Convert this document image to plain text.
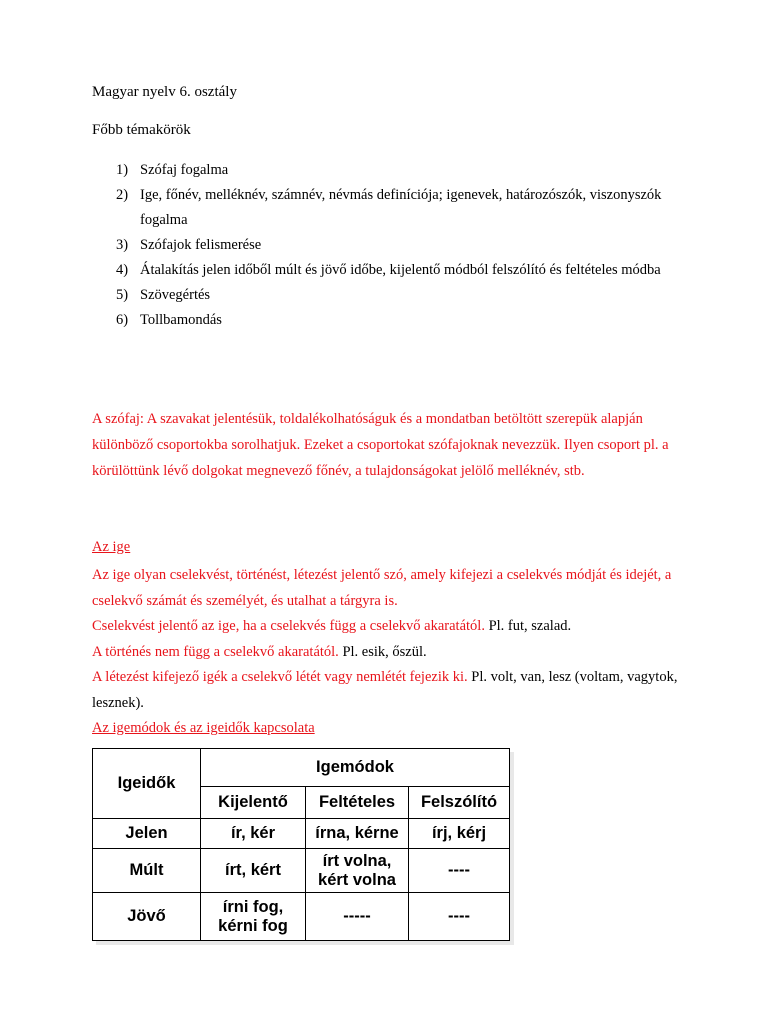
Magyar nyelv 6. osztály
Főbb témakörök
1) Szófaj fogalma
2) Ige, főnév, melléknév, számnév, névmás definíciója; igenevek, határozószók, viszonyszók fogalma
3) Szófajok felismerése
4) Átalakítás jelen időből múlt és jövő időbe, kijelentő módból felszólító és feltételes módba
5) Szövegértés
6) Tollbamondás

A szófaj: A szavakat jelentésük, toldalékolhatóságuk és a mondatban betöltött szerepük alapján különböző csoportokba sorolhatjuk. Ezeket a csoportokat szófajoknak nevezzük. Ilyen csoport pl. a körülöttünk lévő dolgokat megnevező főnév, a tulajdonságokat jelölő melléknév, stb.

Az ige
Az ige olyan cselekvést, történést, létezést jelentő szó, amely kifejezi a cselekvés módját és idejét, a cselekvő számát és személyét, és utalhat a tárgyra is.
Cselekvést jelentő az ige, ha a cselekvés függ a cselekvő akaratától. Pl. fut, szalad.
A történés nem függ a cselekvő akaratától. Pl. esik, őszül.
A létezést kifejező igék a cselekvő létét vagy nemlétét fejezik ki. Pl. volt, van, lesz (voltam, vagytok, lesznek).
Az igemódok és az igeidők kapcsolata
Igeidők	Igemódok		
	Kijelentő	Feltételes	Felszólító
Jelen	ír, kér	írna, kérne	írj, kérj
Múlt	írt, kért	írt volna, kért volna	----
Jövő	írni fog, kérni fog	-----	----
